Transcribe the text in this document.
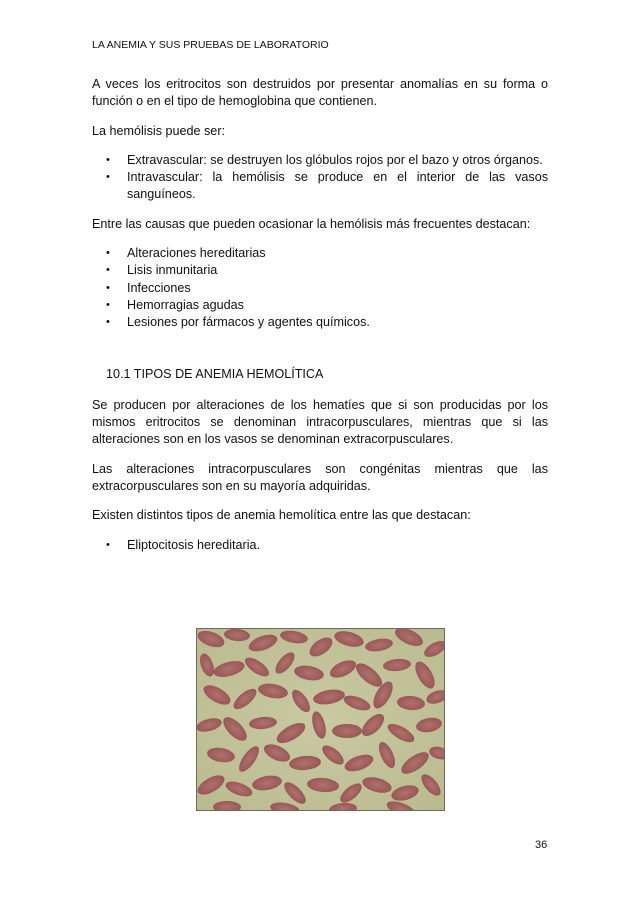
LA ANEMIA Y SUS PRUEBAS DE LABORATORIO

A veces los eritrocitos son destruidos por presentar anomalías en su forma o función o en el tipo de hemoglobina que contienen.

La hemólisis puede ser:

• Extravascular: se destruyen los glóbulos rojos por el bazo y otros órganos.
• Intravascular: la hemólisis se produce en el interior de las vasos sanguíneos.

Entre las causas que pueden ocasionar la hemólisis más frecuentes destacan:

• Alteraciones hereditarias
• Lisis inmunitaria
• Infecciones
• Hemorragias agudas
• Lesiones por fármacos y agentes químicos.

10.1 TIPOS DE ANEMIA HEMOLÍTICA

Se producen por alteraciones de los hematíes que si son producidas por los mismos eritrocitos se denominan intracorpusculares, mientras que si las alteraciones son en los vasos se denominan extracorpusculares.

Las alteraciones intracorpusculares son congénitas mientras que las extracorpusculares son en su mayoría adquiridas.

Existen distintos tipos de anemia hemolítica entre las que destacan:

• Eliptocitosis hereditaria.
36
